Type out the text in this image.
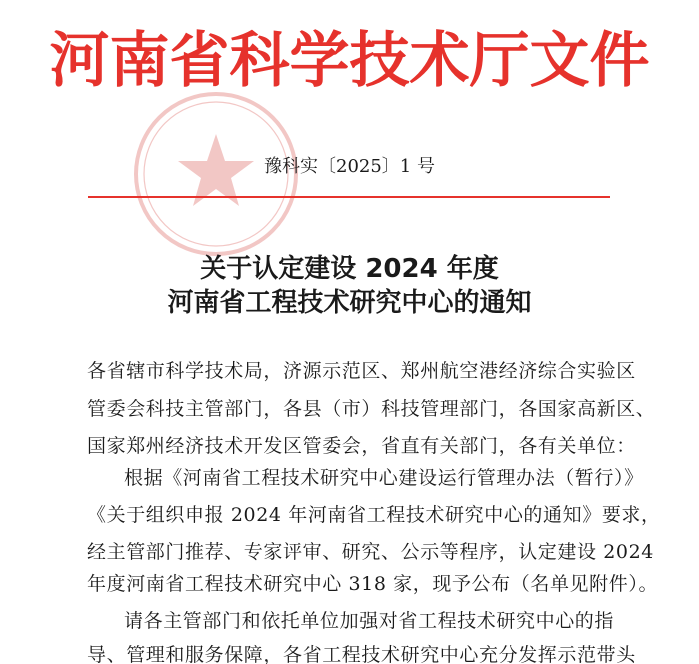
河南省科学技术厅文件
豫科实〔2025〕1 号
关于认定建设 2024 年度
河南省工程技术研究中心的通知
各省辖市科学技术局，济源示范区、郑州航空港经济综合实验区
管委会科技主管部门，各县（市）科技管理部门，各国家高新区、
国家郑州经济技术开发区管委会，省直有关部门，各有关单位：
根据《河南省工程技术研究中心建设运行管理办法（暂行）》
《关于组织申报 2024 年河南省工程技术研究中心的通知》要求，
经主管部门推荐、专家评审、研究、公示等程序，认定建设 2024
年度河南省工程技术研究中心 318 家，现予公布（名单见附件）。
请各主管部门和依托单位加强对省工程技术研究中心的指
导、管理和服务保障，各省工程技术研究中心充分发挥示范带头
